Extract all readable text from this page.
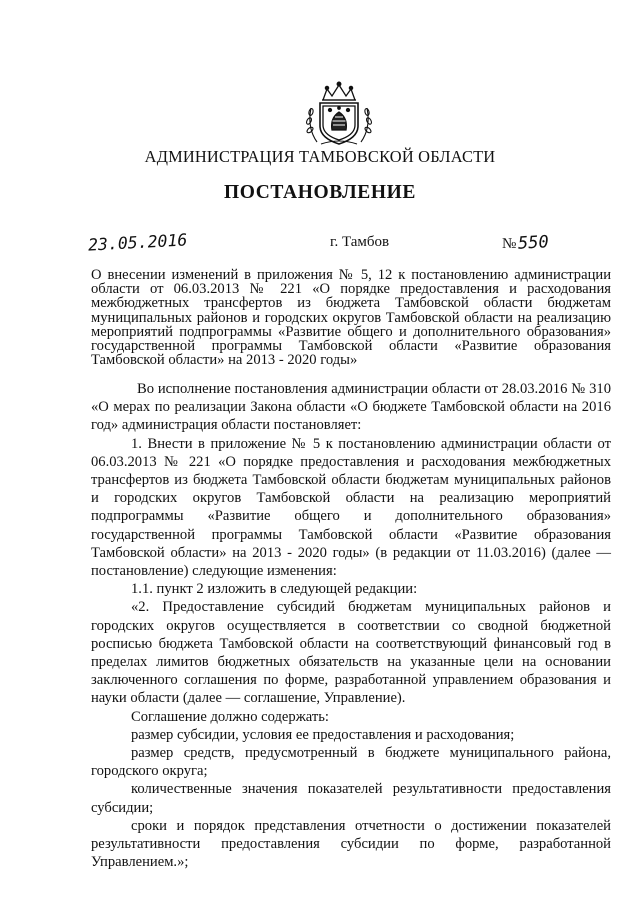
АДМИНИСТРАЦИЯ ТАМБОВСКОЙ ОБЛАСТИ
ПОСТАНОВЛЕНИЕ
23.05.2016	г. Тамбов	№550

О внесении изменений в приложения № 5, 12 к постановлению администрации области от 06.03.2013 № 221 «О порядке предоставления и расходования межбюджетных трансфертов из бюджета Тамбовской области бюджетам муниципальных районов и городских округов Тамбовской области на реализацию мероприятий подпрограммы «Развитие общего и дополнительного образования» государственной программы Тамбовской области «Развитие образования Тамбовской области» на 2013 - 2020 годы»

Во исполнение постановления администрации области от 28.03.2016 № 310 «О мерах по реализации Закона области «О бюджете Тамбовской области на 2016 год» администрация области постановляет:

1. Внести в приложение № 5 к постановлению администрации области от 06.03.2013 № 221 «О порядке предоставления и расходования межбюджетных трансфертов из бюджета Тамбовской области бюджетам муниципальных районов и городских округов Тамбовской области на реализацию мероприятий подпрограммы «Развитие общего и дополнительного образования» государственной программы Тамбовской области «Развитие образования Тамбовской области» на 2013 - 2020 годы» (в редакции от 11.03.2016) (далее — постановление) следующие изменения:

1.1. пункт 2 изложить в следующей редакции:

«2. Предоставление субсидий бюджетам муниципальных районов и городских округов осуществляется в соответствии со сводной бюджетной росписью бюджета Тамбовской области на соответствующий финансовый год в пределах лимитов бюджетных обязательств на указанные цели на основании заключенного соглашения по форме, разработанной управлением образования и науки области (далее — соглашение, Управление).

Соглашение должно содержать:

размер субсидии, условия ее предоставления и расходования;

размер средств, предусмотренный в бюджете муниципального района, городского округа;

количественные значения показателей результативности предоставления субсидии;

сроки и порядок представления отчетности о достижении показателей результативности предоставления субсидии по форме, разработанной Управлением.»;
